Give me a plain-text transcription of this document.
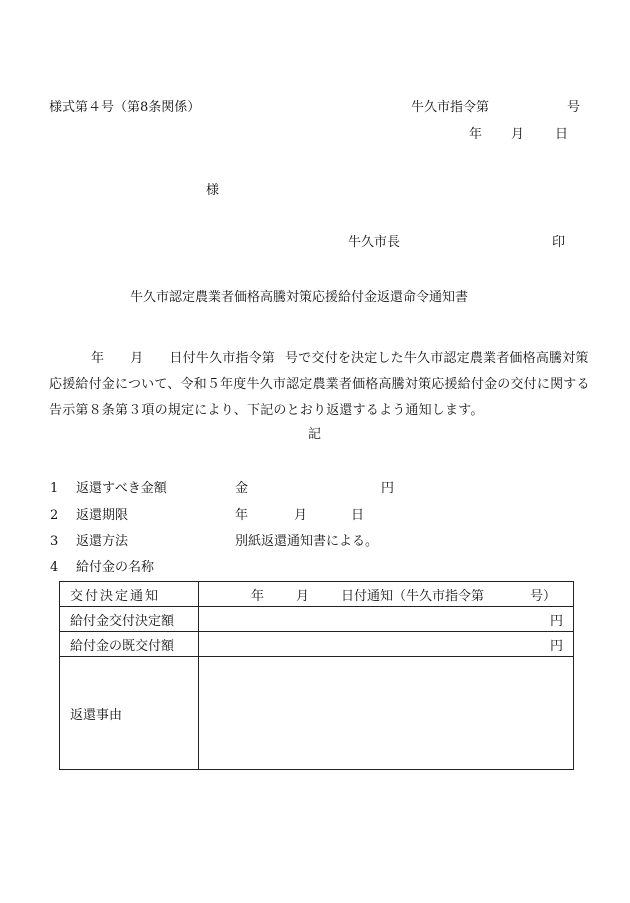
様式第４号（第8条関係）	牛久市指令第	号
年 月 日
様
牛久市長	印
牛久市認定農業者価格高騰対策応援給付金返還命令通知書
年 月 日付牛久市指令第 号で交付を決定した牛久市認定農業者価格高騰対策応援給付金について、令和５年度牛久市認定農業者価格高騰対策応援給付金の交付に関する告示第８条第３項の規定により、下記のとおり返還するよう通知します。
記
1 返還すべき金額	金	円
2 返還期限	年	月	日
3 返還方法	別紙返還通知書による。
4 給付金の名称
交付決定通知	年 月 日付通知（牛久市指令第 号）
給付金交付決定額	円
給付金の既交付額	円
返還事由	
